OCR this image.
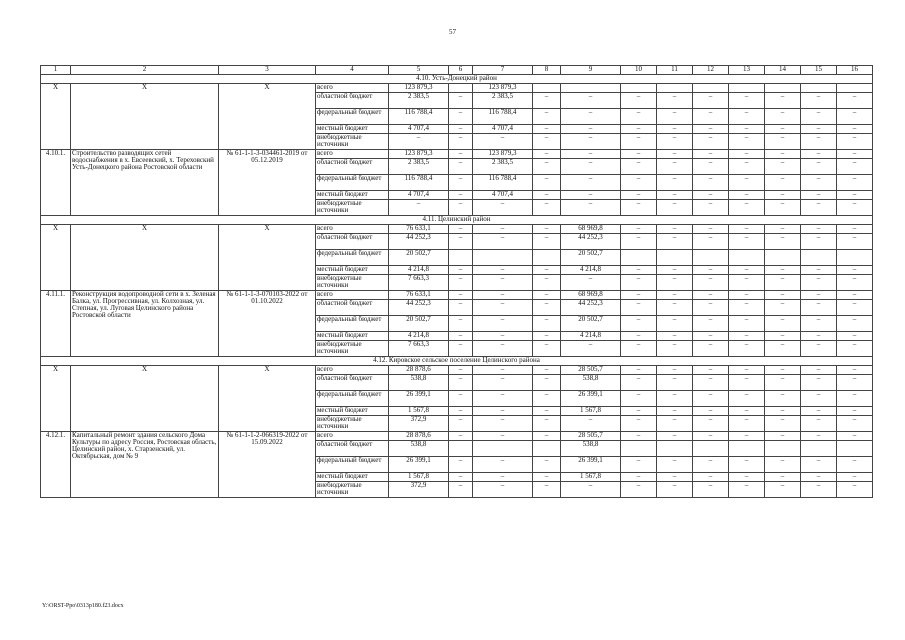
57
1	2	3	4	5	6	7	8	9	10	11	12	13	14	15	16
4.10. Усть-Донецкий район															
Х	Х	Х	всего	123 879,3		123 879,3									
			областной бюджет	2 383,5	–	2 383,5	–	–	–	–	–	–	–	–	–
			федеральный бюджет	116 788,4	–	116 788,4	–	–	–	–	–	–	–	–	–
			местный бюджет	4 707,4	–	4 707,4	–	–	–	–	–	–	–	–	–
			внебюджетные источники	–	–	–	–	–	–	–	–	–	–	–	–
4.10.1.	Строительство разводящих сетей водоснабжения в х. Евсеевский, х. Тереховский Усть-Донецкого района Ростовской области	№ 61-1-1-3-034461-2019 от 05.12.2019	всего	123 879,3	–	123 879,3	–	–	–	–	–	–	–	–	–
			областной бюджет	2 383,5	–	2 383,5	–	–	–	–	–	–	–	–	–
			федеральный бюджет	116 788,4	–	116 788,4	–	–	–	–	–	–	–	–	–
			местный бюджет	4 707,4	–	4 707,4	–	–	–	–	–	–	–	–	–
			внебюджетные источники	–	–	–	–	–	–	–	–	–	–	–	–
4.11. Целинский район															
Х	Х	Х	всего	76 633,1	–	–	–	68 969,8	–	–	–	–	–	–	–
			областной бюджет	44 252,3	–	–	–	44 252,3	–	–	–	–	–	–	–
			федеральный бюджет	20 502,7				20 502,7							
			местный бюджет	4 214,8	–	–	–	4 214,8	–	–	–	–	–	–	–
			внебюджетные источники	7 663,3	–	–	–	–	–	–	–	–	–	–	–
4.11.1.	Реконструкция водопроводной сети в х. Зеленая Балка, ул. Прогрессивная, ул. Колхозная, ул. Степная, ул. Луговая Целинского района Ростовской области	№ 61-1-1-3-070103-2022 от 01.10.2022	всего	76 633,1	–	–	–	68 969,8	–	–	–	–	–	–	–
			областной бюджет	44 252,3	–	–	–	44 252,3	–	–	–	–	–	–	–
			федеральный бюджет	20 502,7	–	–	–	20 502,7	–	–	–	–	–	–	–
			местный бюджет	4 214,8	–	–	–	4 214,8	–	–	–	–	–	–	–
			внебюджетные источники	7 663,3	–	–	–	–	–	–	–	–	–	–	–
4.12. Кировское сельское поселение Целинского района															
Х	Х	Х	всего	28 878,6	–	–	–	28 505,7	–	–	–	–	–	–	–
			областной бюджет	538,8	–	–	–	538,8	–	–	–	–	–	–	–
			федеральный бюджет	26 399,1	–	–	–	26 399,1	–	–	–	–	–	–	–
			местный бюджет	1 567,8	–	–	–	1 567,8	–	–	–	–	–	–	–
			внебюджетные источники	372,9	–	–	–	–	–	–	–	–	–	–	–
4.12.1.	Капитальный ремонт здания сельского Дома Культуры по адресу Россия, Ростовская область, Целинский район, х. Старзенский, ул. Октябрьская, дом № 9	№ 61-1-1-2-066319-2022 от 15.09.2022	всего	28 878,6	–	–	–	28 505,7	–	–	–	–	–	–	–
			областной бюджет	538,8				538,8							
			федеральный бюджет	26 399,1	–	–	–	26 399,1	–	–	–	–	–	–	–
			местный бюджет	1 567,8	–	–	–	1 567,8	–	–	–	–	–	–	–
			внебюджетные источники	372,9	–	–	–	–	–	–	–	–	–	–	–
Y:\ORST-Ppo\0313p180.f23.docx
